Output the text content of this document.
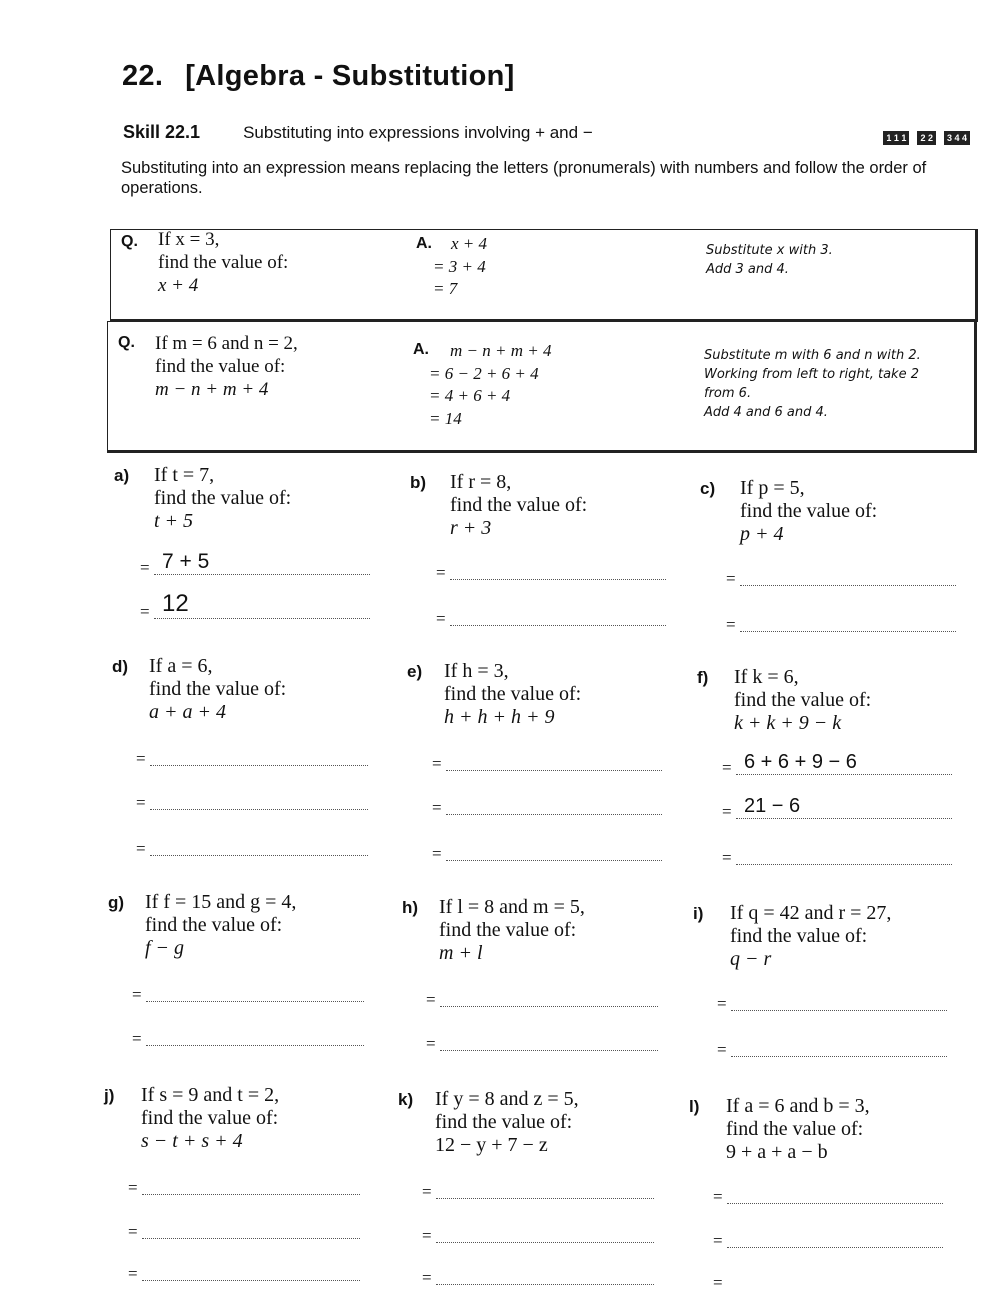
22. [Algebra - Substitution]
Skill 22.1	Substituting into expressions involving + and −	1 1 1	2 2	3 4 4
Substituting into an expression means replacing the letters (pronumerals) with numbers and follow the order of operations.
Q. If x = 3,
find the value of:
x + 4
A. x + 4
= 3 + 4
= 7
Substitute x with 3.
Add 3 and 4.
Q. If m = 6 and n = 2,
find the value of:
m − n + m + 4
A. m − n + m + 4
= 6 − 2 + 6 + 4
= 4 + 6 + 4
= 14
Substitute m with 6 and n with 2.
Working from left to right, take 2
from 6.
Add 4 and 6 and 4.
a) If t = 7,
find the value of:
t + 5
= 7 + 5
= 12
b) If r = 8,
find the value of:
r + 3
=
=
c) If p = 5,
find the value of:
p + 4
=
=
d) If a = 6,
find the value of:
a + a + 4
=
=
=
e) If h = 3,
find the value of:
h + h + h + 9
=
=
=
f) If k = 6,
find the value of:
k + k + 9 − k
= 6 + 6 + 9 − 6
= 21 − 6
=
g) If f = 15 and g = 4,
find the value of:
f − g
=
=
h) If l = 8 and m = 5,
find the value of:
m + l
=
=
i) If q = 42 and r = 27,
find the value of:
q − r
=
=
j) If s = 9 and t = 2,
find the value of:
s − t + s + 4
=
=
=
k) If y = 8 and z = 5,
find the value of:
12 − y + 7 − z
=
=
=
l) If a = 6 and b = 3,
find the value of:
9 + a + a − b
=
=
=
